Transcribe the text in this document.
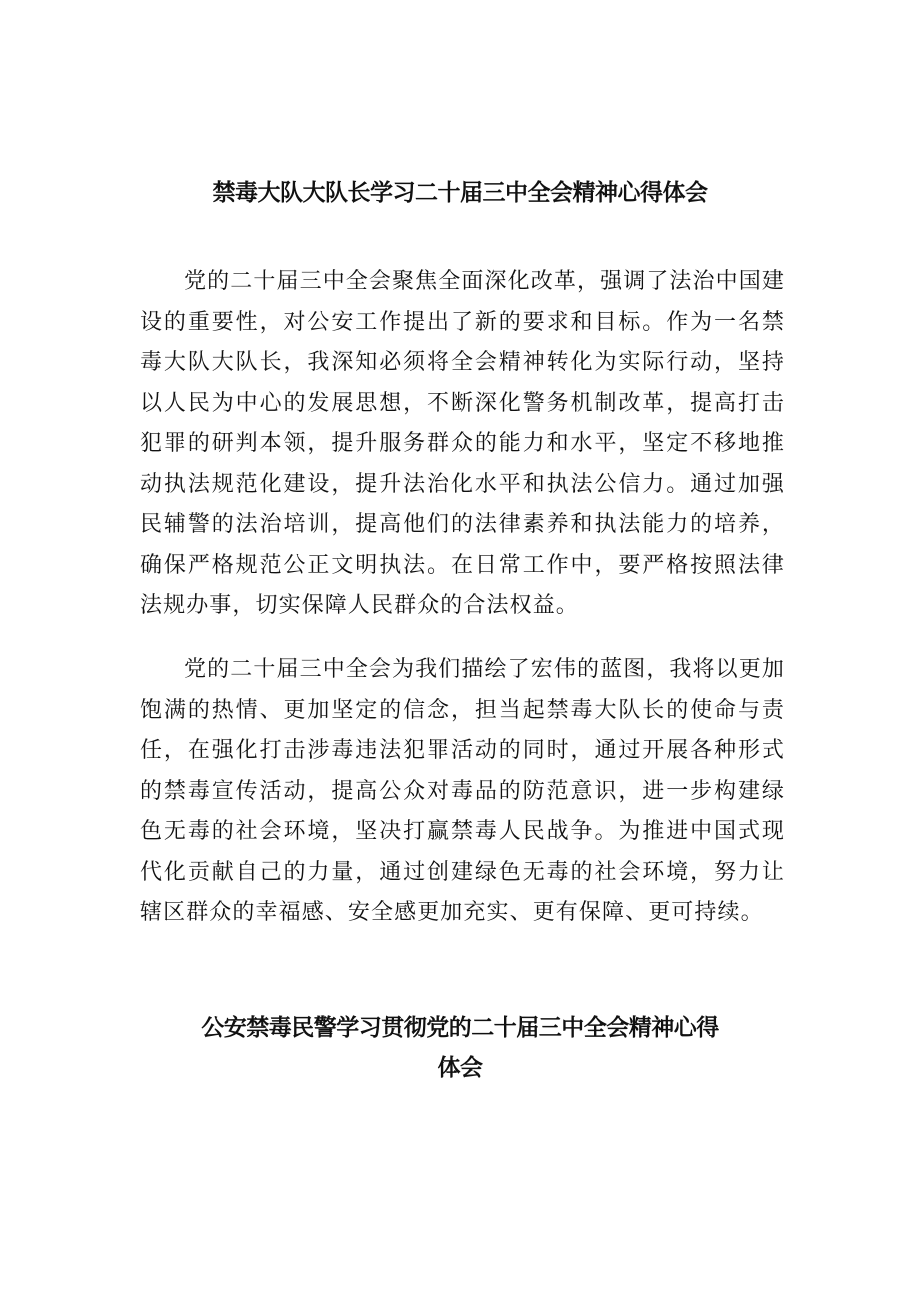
禁毒大队大队长学习二十届三中全会精神心得体会

党的二十届三中全会聚焦全面深化改革，强调了法治中国建设的重要性，对公安工作提出了新的要求和目标。作为一名禁毒大队大队长，我深知必须将全会精神转化为实际行动，坚持以人民为中心的发展思想，不断深化警务机制改革，提高打击犯罪的研判本领，提升服务群众的能力和水平，坚定不移地推动执法规范化建设，提升法治化水平和执法公信力。通过加强民辅警的法治培训，提高他们的法律素养和执法能力的培养，确保严格规范公正文明执法。在日常工作中，要严格按照法律法规办事，切实保障人民群众的合法权益。

党的二十届三中全会为我们描绘了宏伟的蓝图，我将以更加饱满的热情、更加坚定的信念，担当起禁毒大队长的使命与责任，在强化打击涉毒违法犯罪活动的同时，通过开展各种形式的禁毒宣传活动，提高公众对毒品的防范意识，进一步构建绿色无毒的社会环境，坚决打赢禁毒人民战争。为推进中国式现代化贡献自己的力量，通过创建绿色无毒的社会环境，努力让辖区群众的幸福感、安全感更加充实、更有保障、更可持续。

公安禁毒民警学习贯彻党的二十届三中全会精神心得
体会
